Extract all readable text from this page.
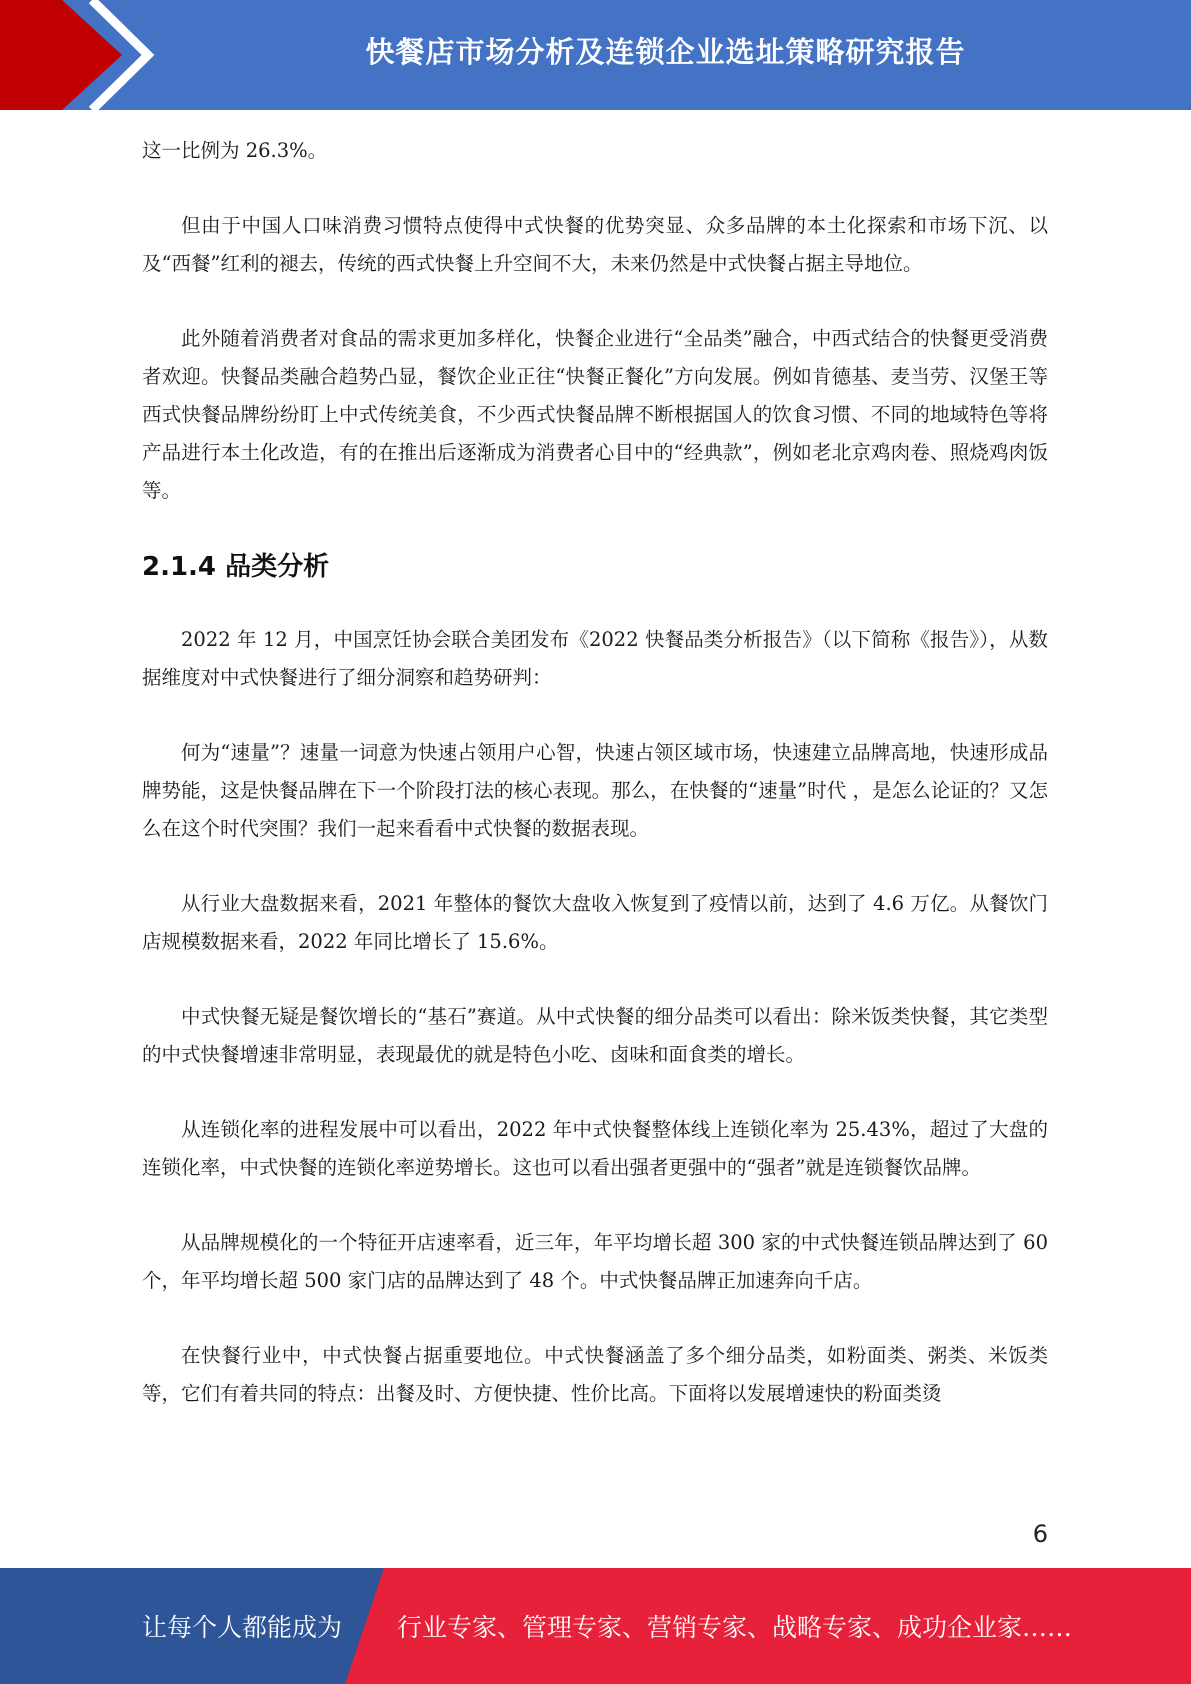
快餐店市场分析及连锁企业选址策略研究报告

这一比例为 26.3%。

但由于中国人口味消费习惯特点使得中式快餐的优势突显、众多品牌的本土化探索和市场下沉、以及“西餐”红利的褪去，传统的西式快餐上升空间不大，未来仍然是中式快餐占据主导地位。

此外随着消费者对食品的需求更加多样化，快餐企业进行“全品类”融合，中西式结合的快餐更受消费者欢迎。快餐品类融合趋势凸显，餐饮企业正往“快餐正餐化”方向发展。例如肯德基、麦当劳、汉堡王等西式快餐品牌纷纷盯上中式传统美食，不少西式快餐品牌不断根据国人的饮食习惯、不同的地域特色等将产品进行本土化改造，有的在推出后逐渐成为消费者心目中的“经典款”，例如老北京鸡肉卷、照烧鸡肉饭等。

2.1.4 品类分析

2022 年 12 月，中国烹饪协会联合美团发布《2022 快餐品类分析报告》（以下简称《报告》），从数据维度对中式快餐进行了细分洞察和趋势研判：

何为“速量”？速量一词意为快速占领用户心智，快速占领区域市场，快速建立品牌高地，快速形成品牌势能，这是快餐品牌在下一个阶段打法的核心表现。那么，在快餐的“速量”时代 ，是怎么论证的？又怎么在这个时代突围？我们一起来看看中式快餐的数据表现。

从行业大盘数据来看，2021 年整体的餐饮大盘收入恢复到了疫情以前，达到了 4.6 万亿。从餐饮门店规模数据来看，2022 年同比增长了 15.6%。

中式快餐无疑是餐饮增长的“基石”赛道。从中式快餐的细分品类可以看出：除米饭类快餐，其它类型的中式快餐增速非常明显，表现最优的就是特色小吃、卤味和面食类的增长。

从连锁化率的进程发展中可以看出，2022 年中式快餐整体线上连锁化率为 25.43%，超过了大盘的连锁化率，中式快餐的连锁化率逆势增长。这也可以看出强者更强中的“强者”就是连锁餐饮品牌。

从品牌规模化的一个特征开店速率看，近三年，年平均增长超 300 家的中式快餐连锁品牌达到了 60 个，年平均增长超 500 家门店的品牌达到了 48 个。中式快餐品牌正加速奔向千店。

在快餐行业中，中式快餐占据重要地位。中式快餐涵盖了多个细分品类，如粉面类、粥类、米饭类等，它们有着共同的特点：出餐及时、方便快捷、性价比高。下面将以发展增速快的粉面类烫

6
让每个人都能成为 行业专家、管理专家、营销专家、战略专家、成功企业家……
